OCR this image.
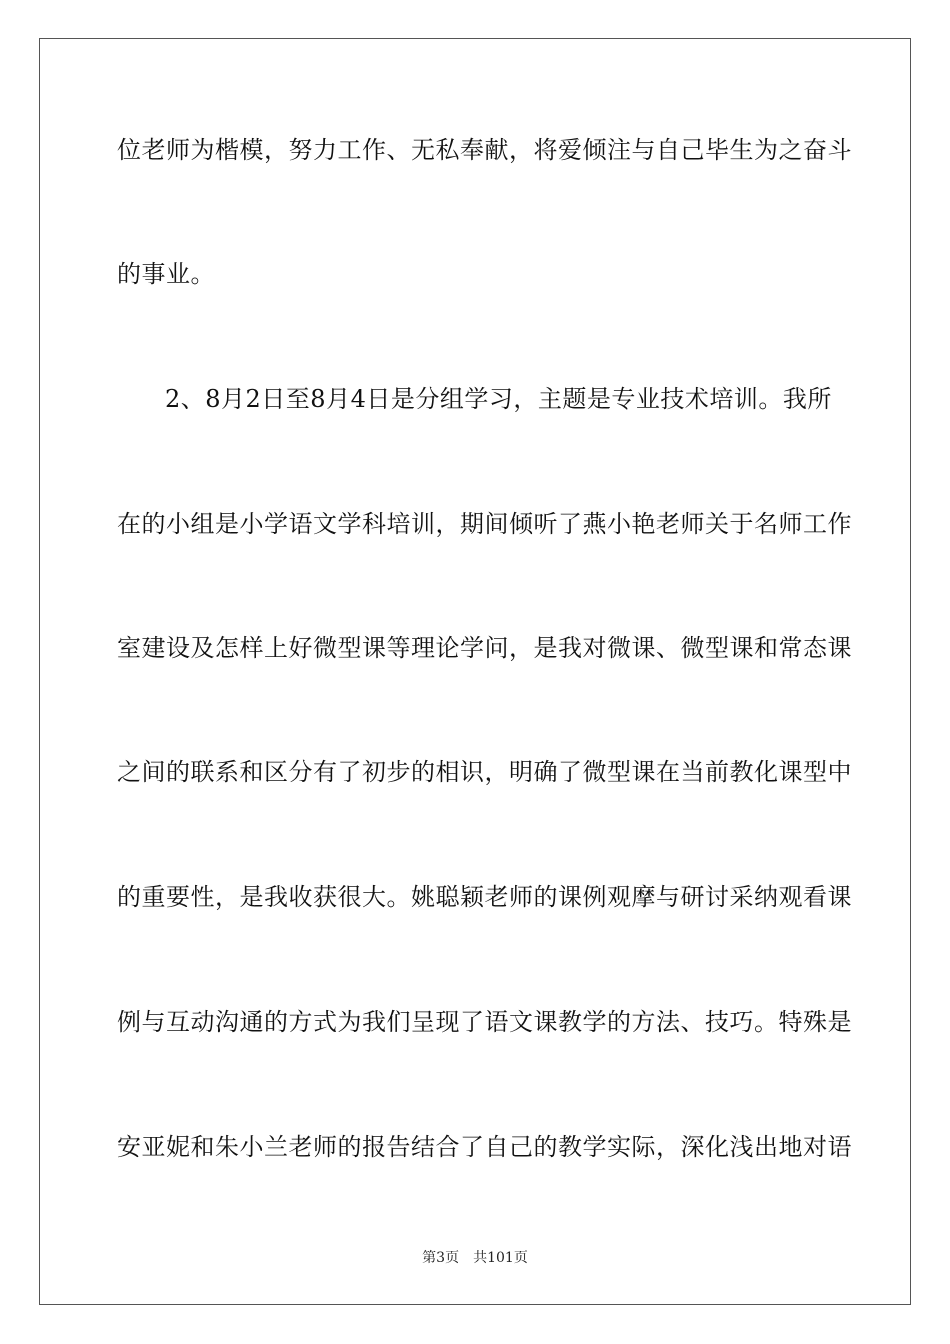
位老师为楷模，努力工作、无私奉献，将爱倾注与自己毕生为之奋斗
的事业。
2、8月2日至8月4日是分组学习，主题是专业技术培训。我所
在的小组是小学语文学科培训，期间倾听了燕小艳老师关于名师工作
室建设及怎样上好微型课等理论学问，是我对微课、微型课和常态课
之间的联系和区分有了初步的相识，明确了微型课在当前教化课型中
的重要性，是我收获很大。姚聪颖老师的课例观摩与研讨采纳观看课
例与互动沟通的方式为我们呈现了语文课教学的方法、技巧。特殊是
安亚妮和朱小兰老师的报告结合了自己的教学实际，深化浅出地对语
第3页 共101页
